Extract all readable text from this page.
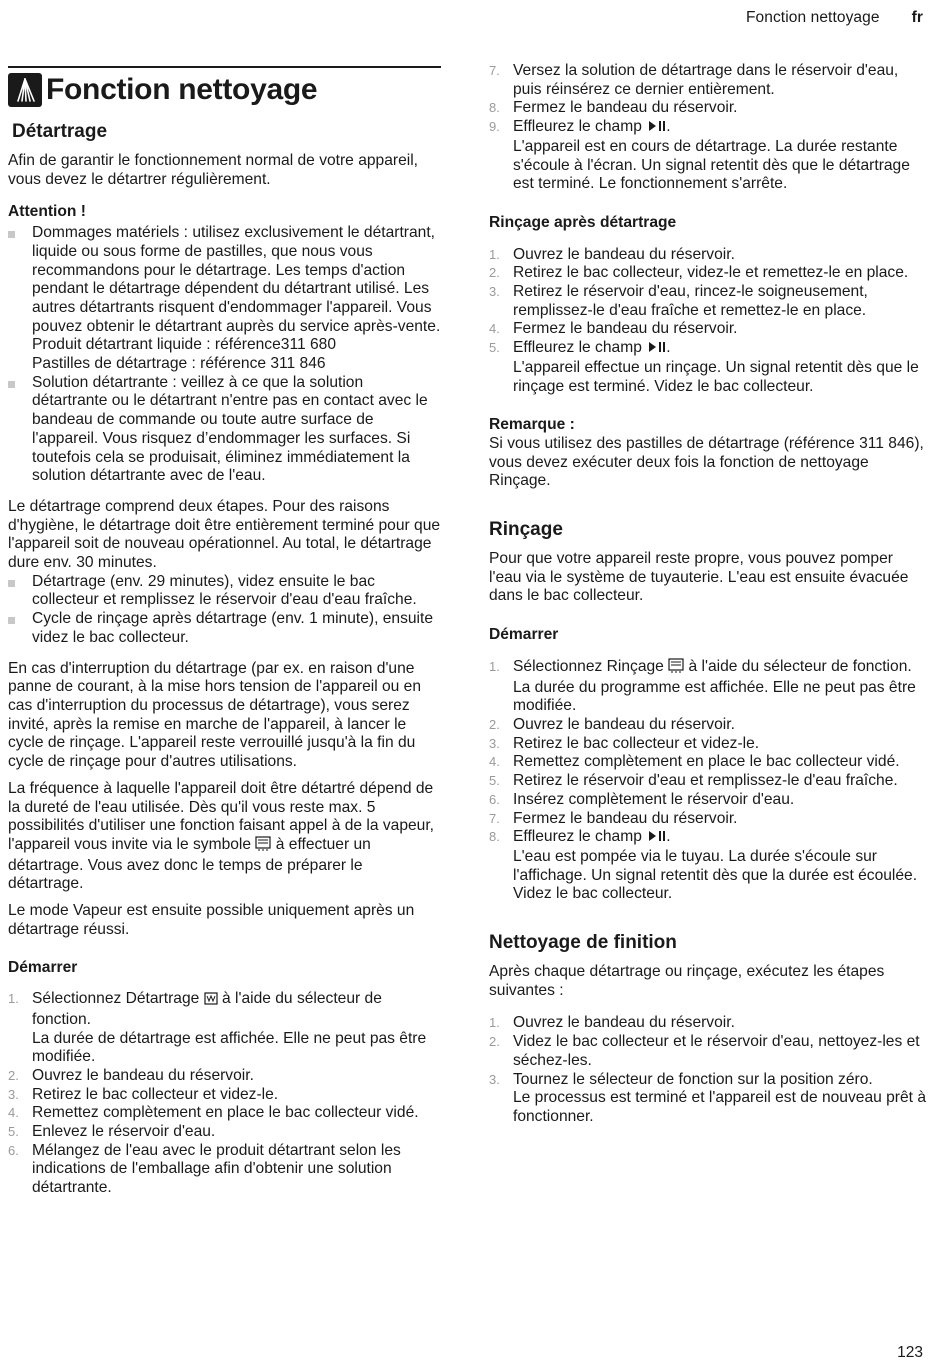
Fonction nettoyage fr
Fonction nettoyage
Détartrage

Afin de garantir le fonctionnement normal de votre appareil, vous devez le détartrer régulièrement.

Attention !
Dommages matériels : utilisez exclusivement le détartrant, liquide ou sous forme de pastilles, que nous vous recommandons pour le détartrage. Les temps d'action pendant le détartrage dépendent du détartrant utilisé. Les autres détartrants risquent d'endommager l'appareil. Vous pouvez obtenir le détartrant auprès du service après-vente.
Produit détartrant liquide : référence311 680
Pastilles de détartrage : référence 311 846
Solution détartrante : veillez à ce que la solution détartrante ou le détartrant n'entre pas en contact avec le bandeau de commande ou toute autre surface de l'appareil. Vous risquez d’endommager les surfaces. Si toutefois cela se produisait, éliminez immédiatement la solution détartrante avec de l'eau.

Le détartrage comprend deux étapes. Pour des raisons d'hygiène, le détartrage doit être entièrement terminé pour que l'appareil soit de nouveau opérationnel. Au total, le détartrage dure env. 30 minutes.

Détartrage (env. 29 minutes), videz ensuite le bac collecteur et remplissez le réservoir d'eau d'eau fraîche.
Cycle de rinçage après détartrage (env. 1 minute), ensuite videz le bac collecteur.

En cas d'interruption du détartrage (par ex. en raison d'une panne de courant, à la mise hors tension de l'appareil ou en cas d'interruption du processus de détartrage), vous serez invité, après la remise en marche de l'appareil, à lancer le cycle de rinçage. L'appareil reste verrouillé jusqu'à la fin du cycle de rinçage pour d'autres utilisations.

La fréquence à laquelle l'appareil doit être détartré dépend de la dureté de l'eau utilisée. Dès qu'il vous reste max. 5 possibilités d'utiliser une fonction faisant appel à de la vapeur, l'appareil vous invite via le symbole à effectuer un détartrage. Vous avez donc le temps de préparer le détartrage.

Le mode Vapeur est ensuite possible uniquement après un détartrage réussi.

Démarrer
1. Sélectionnez Détartrage à l'aide du sélecteur de fonction.
La durée de détartrage est affichée. Elle ne peut pas être modifiée.
2. Ouvrez le bandeau du réservoir.
3. Retirez le bac collecteur et videz-le.
4. Remettez complètement en place le bac collecteur vidé.
5. Enlevez le réservoir d'eau.
6. Mélangez de l'eau avec le produit détartrant selon les indications de l'emballage afin d'obtenir une solution détartrante.
7. Versez la solution de détartrage dans le réservoir d'eau, puis réinsérez ce dernier entièrement.
8. Fermez le bandeau du réservoir.
9. Effleurez le champ .
L'appareil est en cours de détartrage. La durée restante s'écoule à l'écran. Un signal retentit dès que le détartrage est terminé. Le fonctionnement s'arrête.
Rinçage après détartrage
1. Ouvrez le bandeau du réservoir.
2. Retirez le bac collecteur, videz-le et remettez-le en place.
3. Retirez le réservoir d'eau, rincez-le soigneusement, remplissez-le d'eau fraîche et remettez-le en place.
4. Fermez le bandeau du réservoir.
5. Effleurez le champ .
L'appareil effectue un rinçage. Un signal retentit dès que le rinçage est terminé. Videz le bac collecteur.
Remarque :

Si vous utilisez des pastilles de détartrage (référence 311 846), vous devez exécuter deux fois la fonction de nettoyage Rinçage.

Rinçage

Pour que votre appareil reste propre, vous pouvez pomper l'eau via le système de tuyauterie. L'eau est ensuite évacuée dans le bac collecteur.

Démarrer
1. Sélectionnez Rinçage à l'aide du sélecteur de fonction.
La durée du programme est affichée. Elle ne peut pas être modifiée.
2. Ouvrez le bandeau du réservoir.
3. Retirez le bac collecteur et videz-le.
4. Remettez complètement en place le bac collecteur vidé.
5. Retirez le réservoir d'eau et remplissez-le d'eau fraîche.
6. Insérez complètement le réservoir d'eau.
7. Fermez le bandeau du réservoir.
8. Effleurez le champ .
L'eau est pompée via le tuyau. La durée s'écoule sur l'affichage. Un signal retentit dès que la durée est écoulée. Videz le bac collecteur.
Nettoyage de finition

Après chaque détartrage ou rinçage, exécutez les étapes suivantes :

1. Ouvrez le bandeau du réservoir.
2. Videz le bac collecteur et le réservoir d'eau, nettoyez-les et séchez-les.
3. Tournez le sélecteur de fonction sur la position zéro.
Le processus est terminé et l'appareil est de nouveau prêt à fonctionner.
123
